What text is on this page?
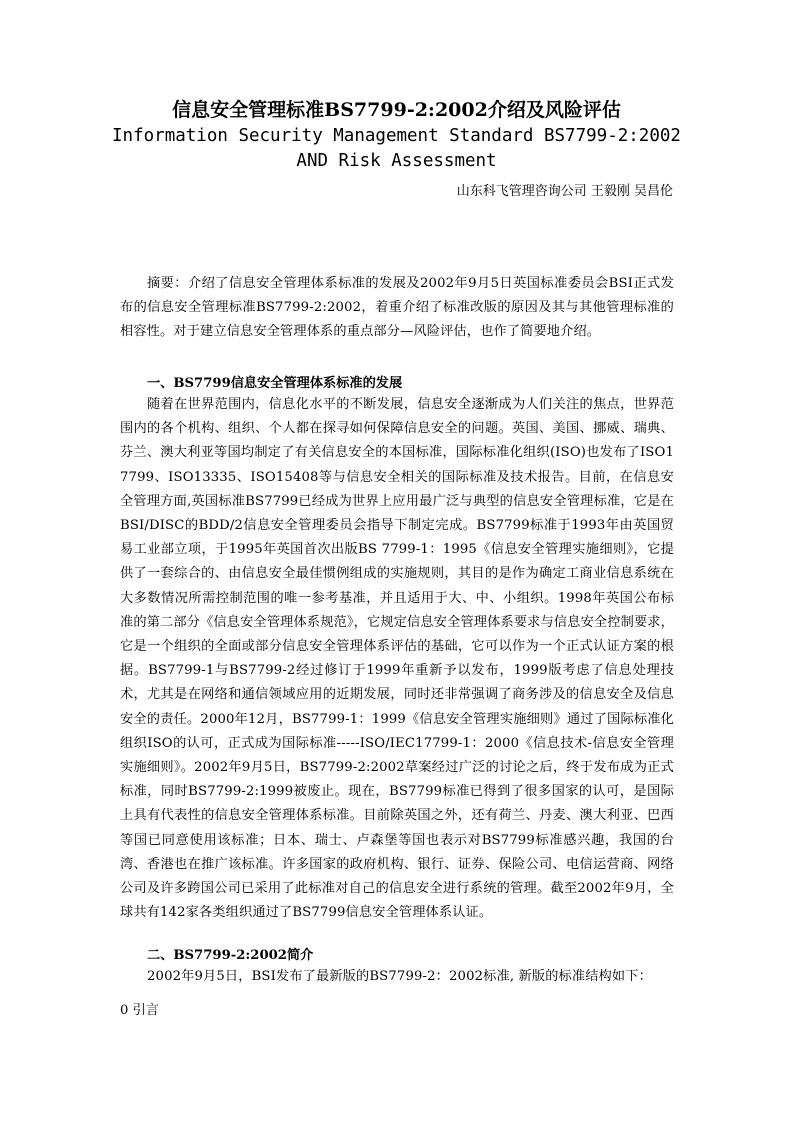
信息安全管理标准BS7799-2:2002介绍及风险评估
Information Security Management Standard BS7799-2:2002
AND Risk Assessment
山东科飞管理咨询公司 王毅刚 吴昌伦
摘要：介绍了信息安全管理体系标准的发展及2002年9月5日英国标准委员会BSI正式发布的信息安全管理标准BS7799-2:2002，着重介绍了标准改版的原因及其与其他管理标准的相容性。对于建立信息安全管理体系的重点部分—风险评估，也作了简要地介绍。
一、BS7799信息安全管理体系标准的发展
随着在世界范围内，信息化水平的不断发展，信息安全逐渐成为人们关注的焦点，世界范围内的各个机构、组织、个人都在探寻如何保障信息安全的问题。英国、美国、挪威、瑞典、芬兰、澳大利亚等国均制定了有关信息安全的本国标准，国际标准化组织(ISO)也发布了ISO17799、ISO13335、ISO15408等与信息安全相关的国际标准及技术报告。目前，在信息安全管理方面,英国标准BS7799已经成为世界上应用最广泛与典型的信息安全管理标准，它是在BSI/DISC的BDD/2信息安全管理委员会指导下制定完成。BS7799标准于1993年由英国贸易工业部立项，于1995年英国首次出版BS 7799-1：1995《信息安全管理实施细则》，它提供了一套综合的、由信息安全最佳惯例组成的实施规则，其目的是作为确定工商业信息系统在大多数情况所需控制范围的唯一参考基准，并且适用于大、中、小组织。1998年英国公布标准的第二部分《信息安全管理体系规范》，它规定信息安全管理体系要求与信息安全控制要求，它是一个组织的全面或部分信息安全管理体系评估的基础，它可以作为一个正式认证方案的根据。BS7799-1与BS7799-2经过修订于1999年重新予以发布，1999版考虑了信息处理技术，尤其是在网络和通信领域应用的近期发展，同时还非常强调了商务涉及的信息安全及信息安全的责任。2000年12月，BS7799-1：1999《信息安全管理实施细则》通过了国际标准化组织ISO的认可，正式成为国际标准-----ISO/IEC17799-1：2000《信息技术-信息安全管理实施细则》。2002年9月5日，BS7799-2:2002草案经过广泛的讨论之后，终于发布成为正式标准，同时BS7799-2:1999被废止。现在，BS7799标准已得到了很多国家的认可，是国际上具有代表性的信息安全管理体系标准。目前除英国之外，还有荷兰、丹麦、澳大利亚、巴西等国已同意使用该标准；日本、瑞士、卢森堡等国也表示对BS7799标准感兴趣，我国的台湾、香港也在推广该标准。许多国家的政府机构、银行、证券、保险公司、电信运营商、网络公司及许多跨国公司已采用了此标准对自己的信息安全进行系统的管理。截至2002年9月，全球共有142家各类组织通过了BS7799信息安全管理体系认证。
二、BS7799-2:2002简介
2002年9月5日，BSI发布了最新版的BS7799-2：2002标准, 新版的标准结构如下：
0 引言
